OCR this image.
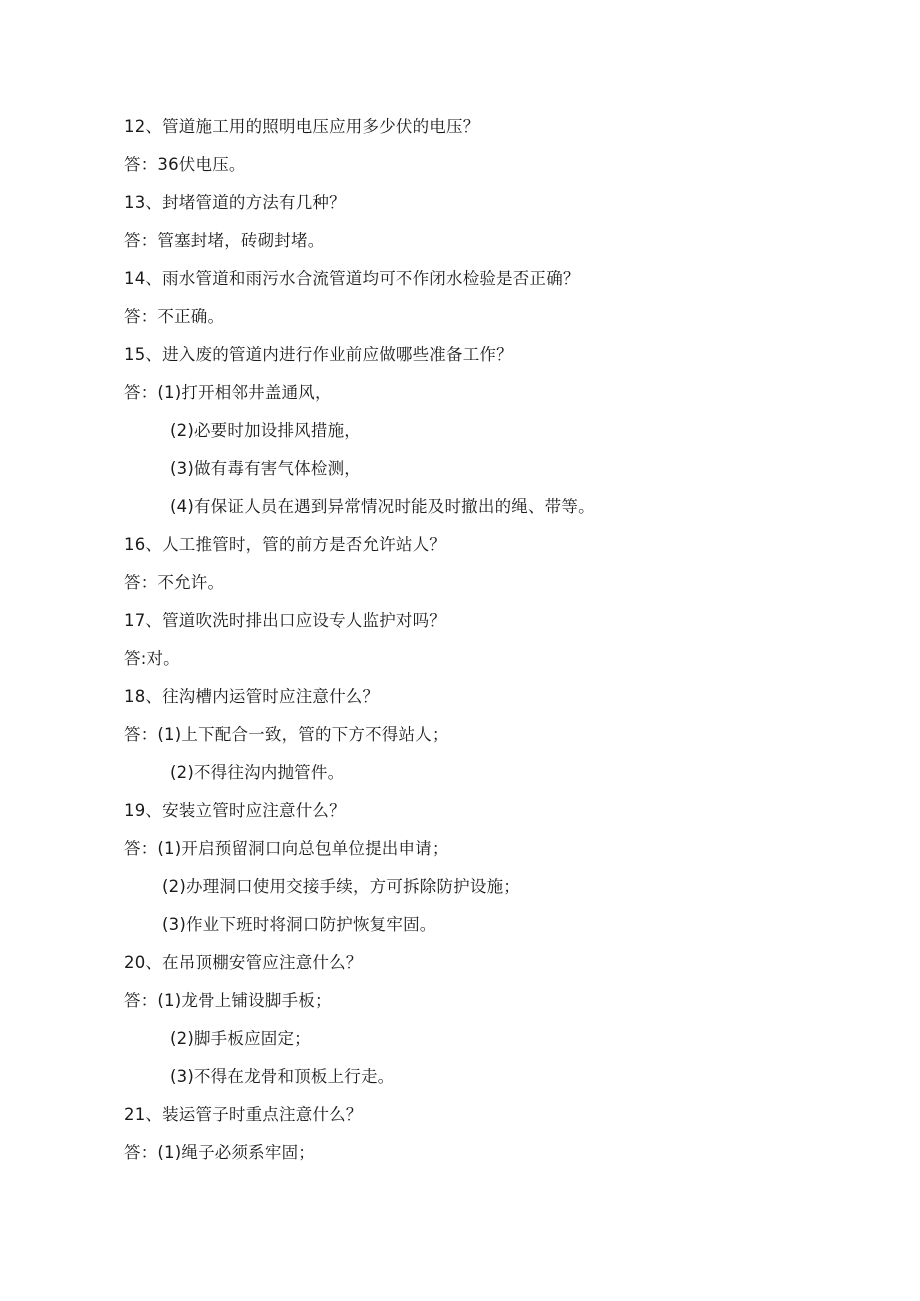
12、管道施工用的照明电压应用多少伏的电压？
答：36伏电压。
13、封堵管道的方法有几种？
答：管塞封堵，砖砌封堵。
14、雨水管道和雨污水合流管道均可不作闭水检验是否正确？
答：不正确。
15、进入废的管道内进行作业前应做哪些准备工作？
答：(1)打开相邻井盖通风，
(2)必要时加设排风措施，
(3)做有毒有害气体检测，
(4)有保证人员在遇到异常情况时能及时撤出的绳、带等。
16、人工推管时，管的前方是否允许站人？
答：不允许。
17、管道吹洗时排出口应设专人监护对吗？
答:对。
18、往沟槽内运管时应注意什么？
答：(1)上下配合一致，管的下方不得站人；
(2)不得往沟内抛管件。
19、安装立管时应注意什么？
答：(1)开启预留洞口向总包单位提出申请；
(2)办理洞口使用交接手续，方可拆除防护设施；
(3)作业下班时将洞口防护恢复牢固。
20、在吊顶棚安管应注意什么？
答：(1)龙骨上铺设脚手板；
(2)脚手板应固定；
(3)不得在龙骨和顶板上行走。
21、装运管子时重点注意什么？
答：(1)绳子必须系牢固；
